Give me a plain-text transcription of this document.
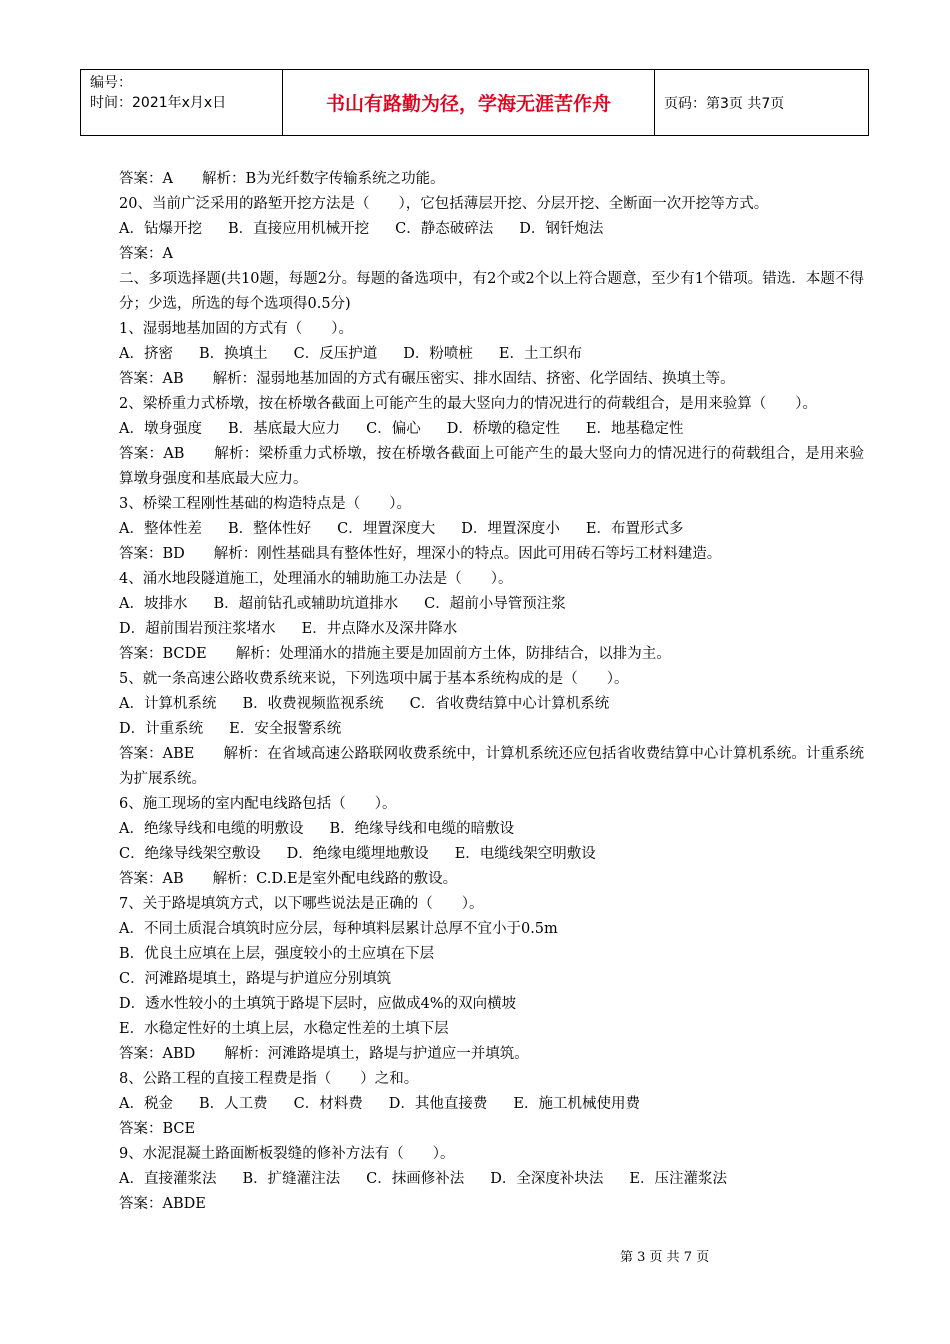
编号：
时间：2021年x月x日	书山有路勤为径，学海无涯苦作舟	页码：第3页 共7页
答案：A　　解析：B为光纤数字传输系统之功能。
20、当前广泛采用的路堑开挖方法是（　　），它包括薄层开挖、分层开挖、全断面一次开挖等方式。
A．钻爆开挖 B．直接应用机械开挖 C．静态破碎法 D．钢钎炮法
答案：A
二、多项选择题(共10题，每题2分。每题的备选项中，有2个或2个以上符合题意，至少有1个错项。错选．本题不得分；少选，所选的每个选项得0.5分)
1、湿弱地基加固的方式有（　　）。
A．挤密 B．换填土 C．反压护道 D．粉喷桩 E．土工织布
答案：AB　　解析：湿弱地基加固的方式有碾压密实、排水固结、挤密、化学固结、换填土等。
2、梁桥重力式桥墩，按在桥墩各截面上可能产生的最大竖向力的情况进行的荷载组合，是用来验算（　　）。
A．墩身强度 B．基底最大应力 C．偏心 D．桥墩的稳定性 E．地基稳定性
答案：AB　　解析：梁桥重力式桥墩，按在桥墩各截面上可能产生的最大竖向力的情况进行的荷载组合，是用来验算墩身强度和基底最大应力。
3、桥梁工程刚性基础的构造特点是（　　）。
A．整体性差 B．整体性好 C．埋置深度大 D．埋置深度小 E．布置形式多
答案：BD　　解析：刚性基础具有整体性好，埋深小的特点。因此可用砖石等圬工材料建造。
4、涌水地段隧道施工，处理涌水的辅助施工办法是（　　）。
A．坡排水 B．超前钻孔或辅助坑道排水 C．超前小导管预注浆
D．超前围岩预注浆堵水 E．井点降水及深井降水
答案：BCDE　　解析：处理涌水的措施主要是加固前方土体，防排结合，以排为主。
5、就一条高速公路收费系统来说，下列选项中属于基本系统构成的是（　　）。
A．计算机系统 B．收费视频监视系统 C．省收费结算中心计算机系统
D．计重系统 E．安全报警系统
答案：ABE　　解析：在省域高速公路联网收费系统中，计算机系统还应包括省收费结算中心计算机系统。计重系统为扩展系统。
6、施工现场的室内配电线路包括（　　）。
A．绝缘导线和电缆的明敷设 B．绝缘导线和电缆的暗敷设
C．绝缘导线架空敷设 D．绝缘电缆埋地敷设 E．电缆线架空明敷设
答案：AB　　解析：C.D.E是室外配电线路的敷设。
7、关于路堤填筑方式，以下哪些说法是正确的（　　）。
A．不同土质混合填筑时应分层，每种填料层累计总厚不宜小于0.5m
B．优良土应填在上层，强度较小的土应填在下层
C．河滩路堤填土，路堤与护道应分别填筑
D．透水性较小的土填筑于路堤下层时，应做成4%的双向横坡
E．水稳定性好的土填上层，水稳定性差的土填下层
答案：ABD　　解析：河滩路堤填土，路堤与护道应一并填筑。
8、公路工程的直接工程费是指（　　）之和。
A．税金 B．人工费 C．材料费 D．其他直接费 E．施工机械使用费
答案：BCE
9、水泥混凝土路面断板裂缝的修补方法有（　　）。
A．直接灌浆法 B．扩缝灌注法 C．抹画修补法 D．全深度补块法 E．压注灌浆法
答案：ABDE
第 3 页 共 7 页
